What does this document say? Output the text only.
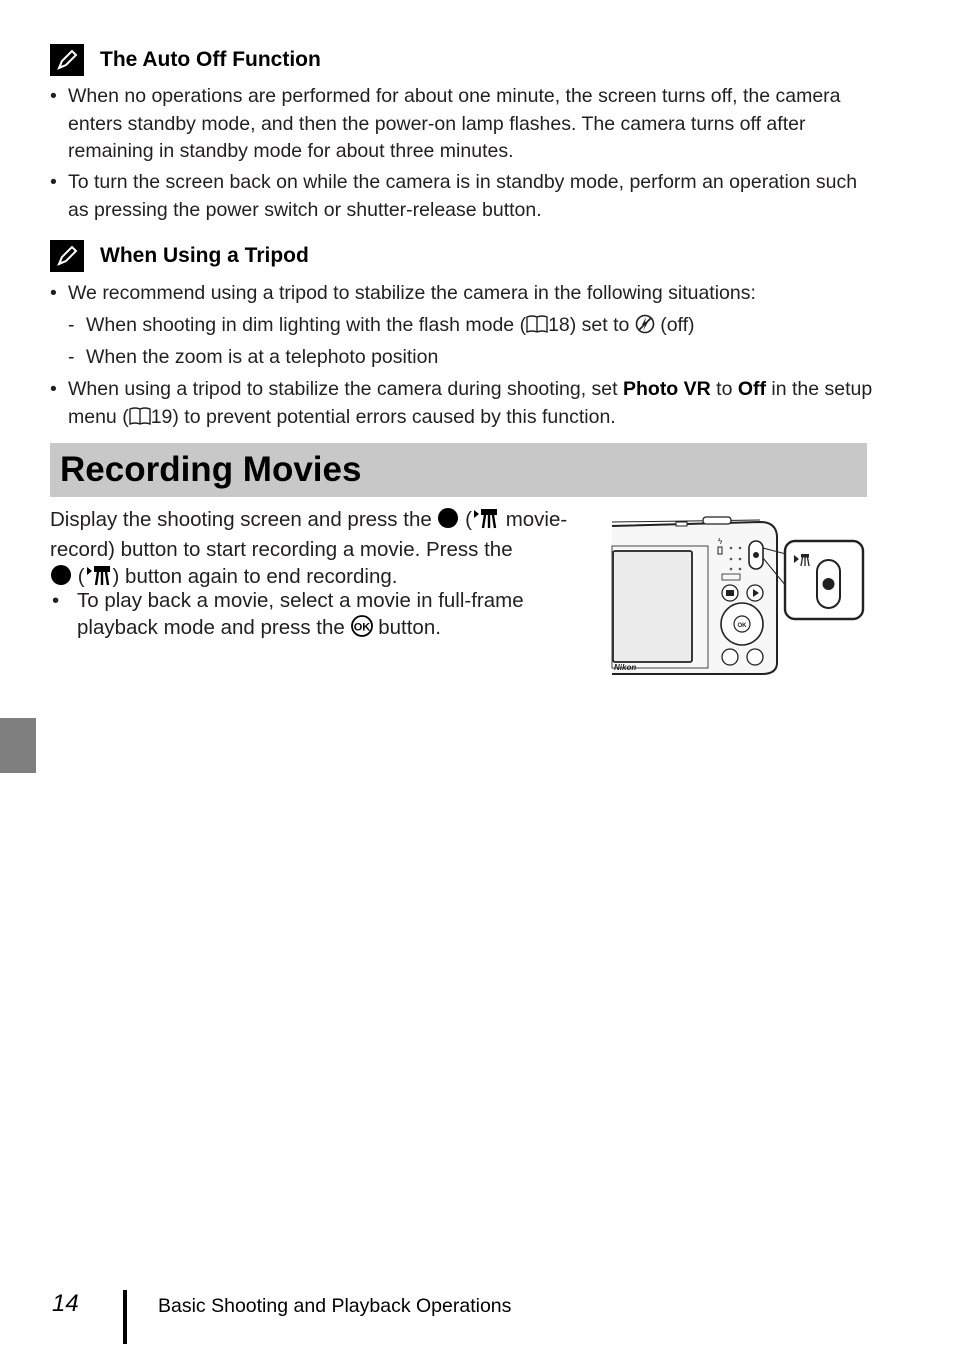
The Auto Off Function
• When no operations are performed for about one minute, the screen turns off, the camera enters standby mode, and then the power-on lamp flashes. The camera turns off after remaining in standby mode for about three minutes.
• To turn the screen back on while the camera is in standby mode, perform an operation such as pressing the power switch or shutter-release button.
When Using a Tripod
• We recommend using a tripod to stabilize the camera in the following situations:
- When shooting in dim lighting with the flash mode ( 18) set to (off)
- When the zoom is at a telephoto position
• When using a tripod to stabilize the camera during shooting, set Photo VR to Off in the setup menu ( 19) to prevent potential errors caused by this function.
Recording Movies
Display the shooting screen and press the  ( movie-record) button to start recording a movie. Press the
( ) button again to end recording.
• To play back a movie, select a movie in full-frame playback mode and press the OK button.
ϟ
OK
Nikon
14	Basic Shooting and Playback Operations
